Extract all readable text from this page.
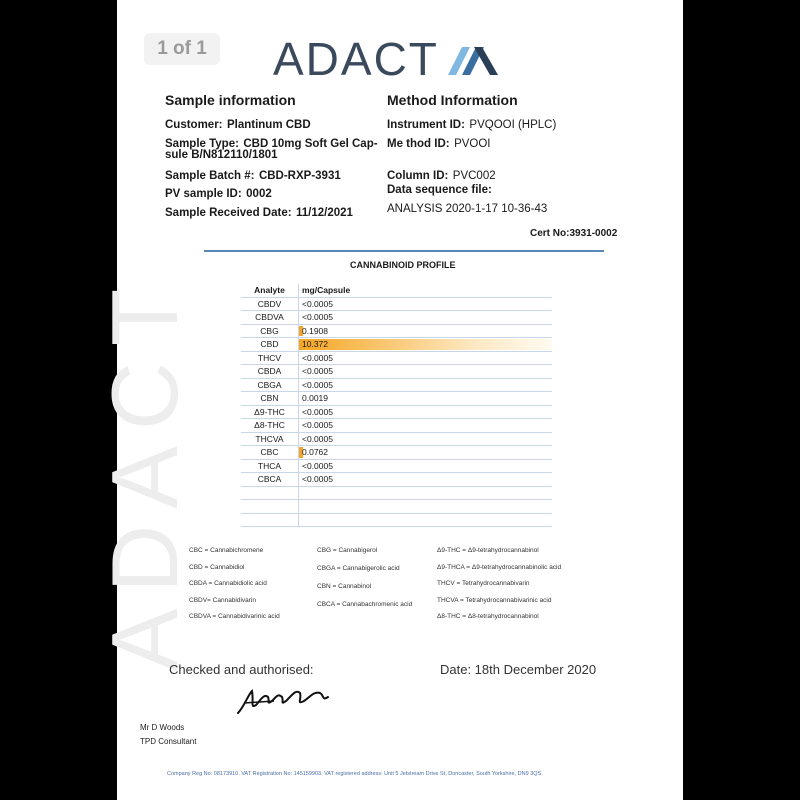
ADACT
1 of 1 ADACT
Sample information
Customer: Plantinum CBD
Sample Type: CBD 10mg Soft Gel Cap-
sule B/N812110/1801
Sample Batch #: CBD-RXP-3931
PV sample ID: 0002
Sample Received Date: 11/12/2021
Method Information
Instrument ID: PVQOOI (HPLC)
Me thod ID: PVOOI
Column ID: PVC002
Data sequence file:
ANALYSIS 2020-1-17 10-36-43
Cert No:3931-0002
CANNABINOID PROFILE
Analyte	mg/Capsule
CBDV	<0.0005
CBDVA	<0.0005
CBG	0.1908
CBD	10.372
THCV	<0.0005
CBDA	<0.0005
CBGA	<0.0005
CBN	0.0019
Δ9-THC	<0.0005
Δ8-THC	<0.0005
THCVA	<0.0005
CBC	0.0762
THCA	<0.0005
CBCA	<0.0005

CBC = Cannabichromene
CBD = Cannabidiol
CBDA = Cannabidiolic acid
CBDV= Cannabidivarin
CBDVA = Cannabidivarinic acid
CBG = Cannabigerol
CBGA = Cannabigerolic acid
CBN = Cannabinol
CBCA = Cannabachromenic acid
Δ9-THC = Δ9-tetrahydrocannabinol
Δ9-THCA = Δ9-tetrahydrocannabinolic acid
THCV = Tetrahydrocannabivarin
THCVA = Tetrahydrocannabivarinic acid
Δ8-THC = Δ8-tetrahydrocannabinol
Checked and authorised:	Date: 18th December 2020
Mr D Woods
TPD Consultant
Company Reg No: 08173910. VAT Registration No: 145159903. VAT registered address: Unit 5 Jetstream Drive St, Doncaster, South Yorkshire, DN9 3QS.
